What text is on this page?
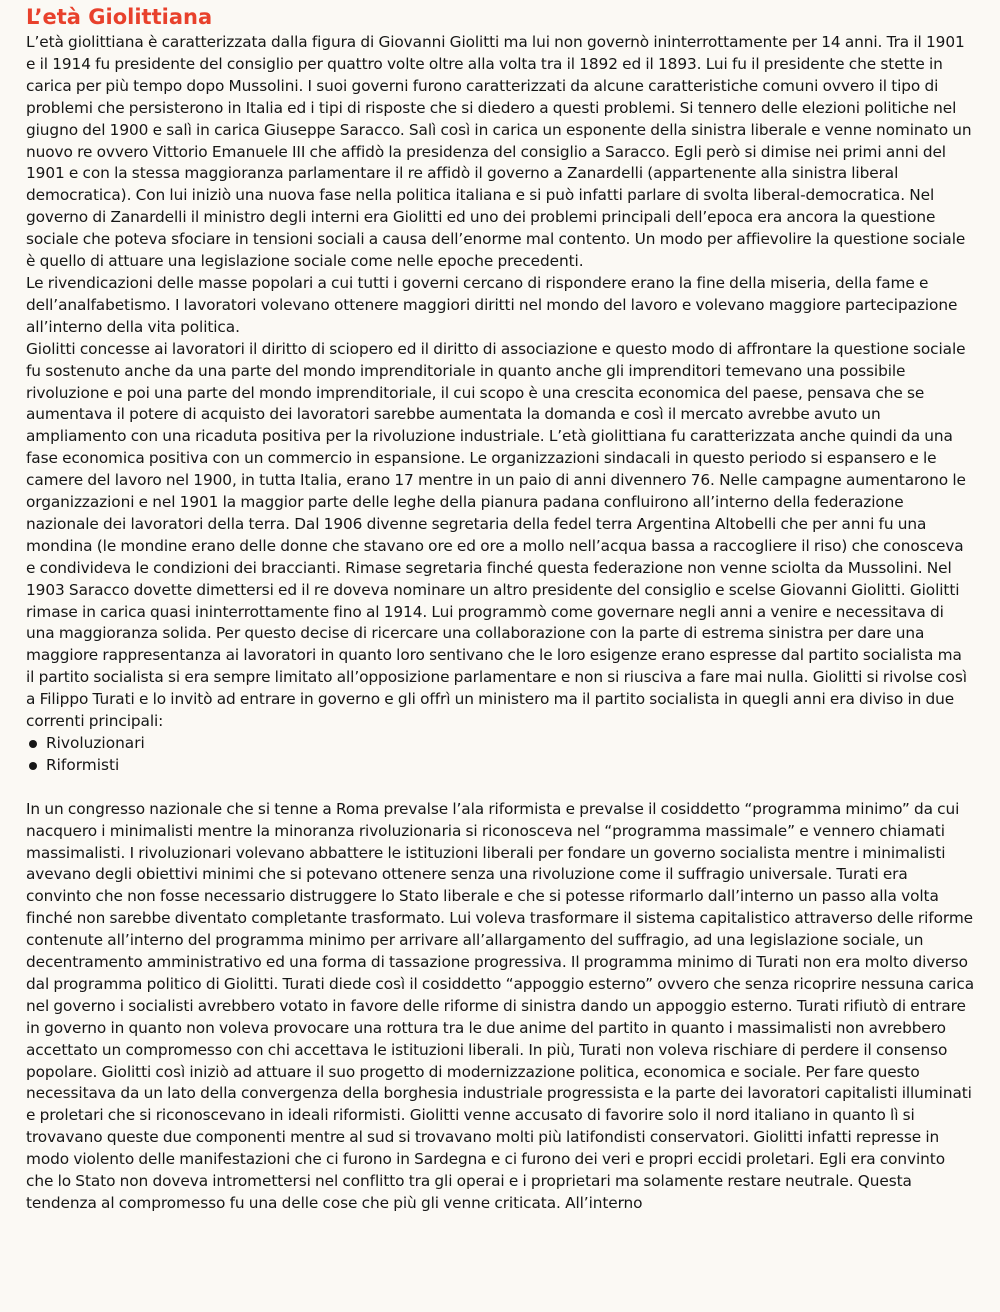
L’età Giolittiana

L’età giolittiana è caratterizzata dalla figura di Giovanni Giolitti ma lui non governò ininterrottamente per 14 anni. Tra il 1901 e il 1914 fu presidente del consiglio per quattro volte oltre alla volta tra il 1892 ed il 1893. Lui fu il presidente che stette in carica per più tempo dopo Mussolini. I suoi governi furono caratterizzati da alcune caratteristiche comuni ovvero il tipo di problemi che persisterono in Italia ed i tipi di risposte che si diedero a questi problemi. Si tennero delle elezioni politiche nel giugno del 1900 e salì in carica Giuseppe Saracco. Salì così in carica un esponente della sinistra liberale e venne nominato un nuovo re ovvero Vittorio Emanuele III che affidò la presidenza del consiglio a Saracco. Egli però si dimise nei primi anni del 1901 e con la stessa maggioranza parlamentare il re affidò il governo a Zanardelli (appartenente alla sinistra liberal democratica). Con lui iniziò una nuova fase nella politica italiana e si può infatti parlare di svolta liberal-democratica. Nel governo di Zanardelli il ministro degli interni era Giolitti ed uno dei problemi principali dell’epoca era ancora la questione sociale che poteva sfociare in tensioni sociali a causa dell’enorme mal contento. Un modo per affievolire la questione sociale è quello di attuare una legislazione sociale come nelle epoche precedenti.

Le rivendicazioni delle masse popolari a cui tutti i governi cercano di rispondere erano la fine della miseria, della fame e dell’analfabetismo. I lavoratori volevano ottenere maggiori diritti nel mondo del lavoro e volevano maggiore partecipazione all’interno della vita politica.

Giolitti concesse ai lavoratori il diritto di sciopero ed il diritto di associazione e questo modo di affrontare la questione sociale fu sostenuto anche da una parte del mondo imprenditoriale in quanto anche gli imprenditori temevano una possibile rivoluzione e poi una parte del mondo imprenditoriale, il cui scopo è una crescita economica del paese, pensava che se aumentava il potere di acquisto dei lavoratori sarebbe aumentata la domanda e così il mercato avrebbe avuto un ampliamento con una ricaduta positiva per la rivoluzione industriale. L’età giolittiana fu caratterizzata anche quindi da una fase economica positiva con un commercio in espansione. Le organizzazioni sindacali in questo periodo si espansero e le camere del lavoro nel 1900, in tutta Italia, erano 17 mentre in un paio di anni divennero 76. Nelle campagne aumentarono le organizzazioni e nel 1901 la maggior parte delle leghe della pianura padana confluirono all’interno della federazione nazionale dei lavoratori della terra. Dal 1906 divenne segretaria della fedel terra Argentina Altobelli che per anni fu una mondina (le mondine erano delle donne che stavano ore ed ore a mollo nell’acqua bassa a raccogliere il riso) che conosceva e condivideva le condizioni dei braccianti. Rimase segretaria finché questa federazione non venne sciolta da Mussolini. Nel 1903 Saracco dovette dimettersi ed il re doveva nominare un altro presidente del consiglio e scelse Giovanni Giolitti. Giolitti rimase in carica quasi ininterrottamente fino al 1914. Lui programmò come governare negli anni a venire e necessitava di una maggioranza solida. Per questo decise di ricercare una collaborazione con la parte di estrema sinistra per dare una maggiore rappresentanza ai lavoratori in quanto loro sentivano che le loro esigenze erano espresse dal partito socialista ma il partito socialista si era sempre limitato all’opposizione parlamentare e non si riusciva a fare mai nulla. Giolitti si rivolse così a Filippo Turati e lo invitò ad entrare in governo e gli offrì un ministero ma il partito socialista in quegli anni era diviso in due correnti principali:

Rivoluzionari
Riformisti

In un congresso nazionale che si tenne a Roma prevalse l’ala riformista e prevalse il cosiddetto “programma minimo” da cui nacquero i minimalisti mentre la minoranza rivoluzionaria si riconosceva nel “programma massimale” e vennero chiamati massimalisti. I rivoluzionari volevano abbattere le istituzioni liberali per fondare un governo socialista mentre i minimalisti avevano degli obiettivi minimi che si potevano ottenere senza una rivoluzione come il suffragio universale. Turati era convinto che non fosse necessario distruggere lo Stato liberale e che si potesse riformarlo dall’interno un passo alla volta finché non sarebbe diventato completante trasformato. Lui voleva trasformare il sistema capitalistico attraverso delle riforme contenute all’interno del programma minimo per arrivare all’allargamento del suffragio, ad una legislazione sociale, un decentramento amministrativo ed una forma di tassazione progressiva. Il programma minimo di Turati non era molto diverso dal programma politico di Giolitti. Turati diede così il cosiddetto “appoggio esterno” ovvero che senza ricoprire nessuna carica nel governo i socialisti avrebbero votato in favore delle riforme di sinistra dando un appoggio esterno. Turati rifiutò di entrare in governo in quanto non voleva provocare una rottura tra le due anime del partito in quanto i massimalisti non avrebbero accettato un compromesso con chi accettava le istituzioni liberali. In più, Turati non voleva rischiare di perdere il consenso popolare. Giolitti così iniziò ad attuare il suo progetto di modernizzazione politica, economica e sociale. Per fare questo necessitava da un lato della convergenza della borghesia industriale progressista e la parte dei lavoratori capitalisti illuminati e proletari che si riconoscevano in ideali riformisti. Giolitti venne accusato di favorire solo il nord italiano in quanto lì si trovavano queste due componenti mentre al sud si trovavano molti più latifondisti conservatori. Giolitti infatti represse in modo violento delle manifestazioni che ci furono in Sardegna e ci furono dei veri e propri eccidi proletari. Egli era convinto che lo Stato non doveva intromettersi nel conflitto tra gli operai e i proprietari ma solamente restare neutrale. Questa tendenza al compromesso fu una delle cose che più gli venne criticata. All’interno
